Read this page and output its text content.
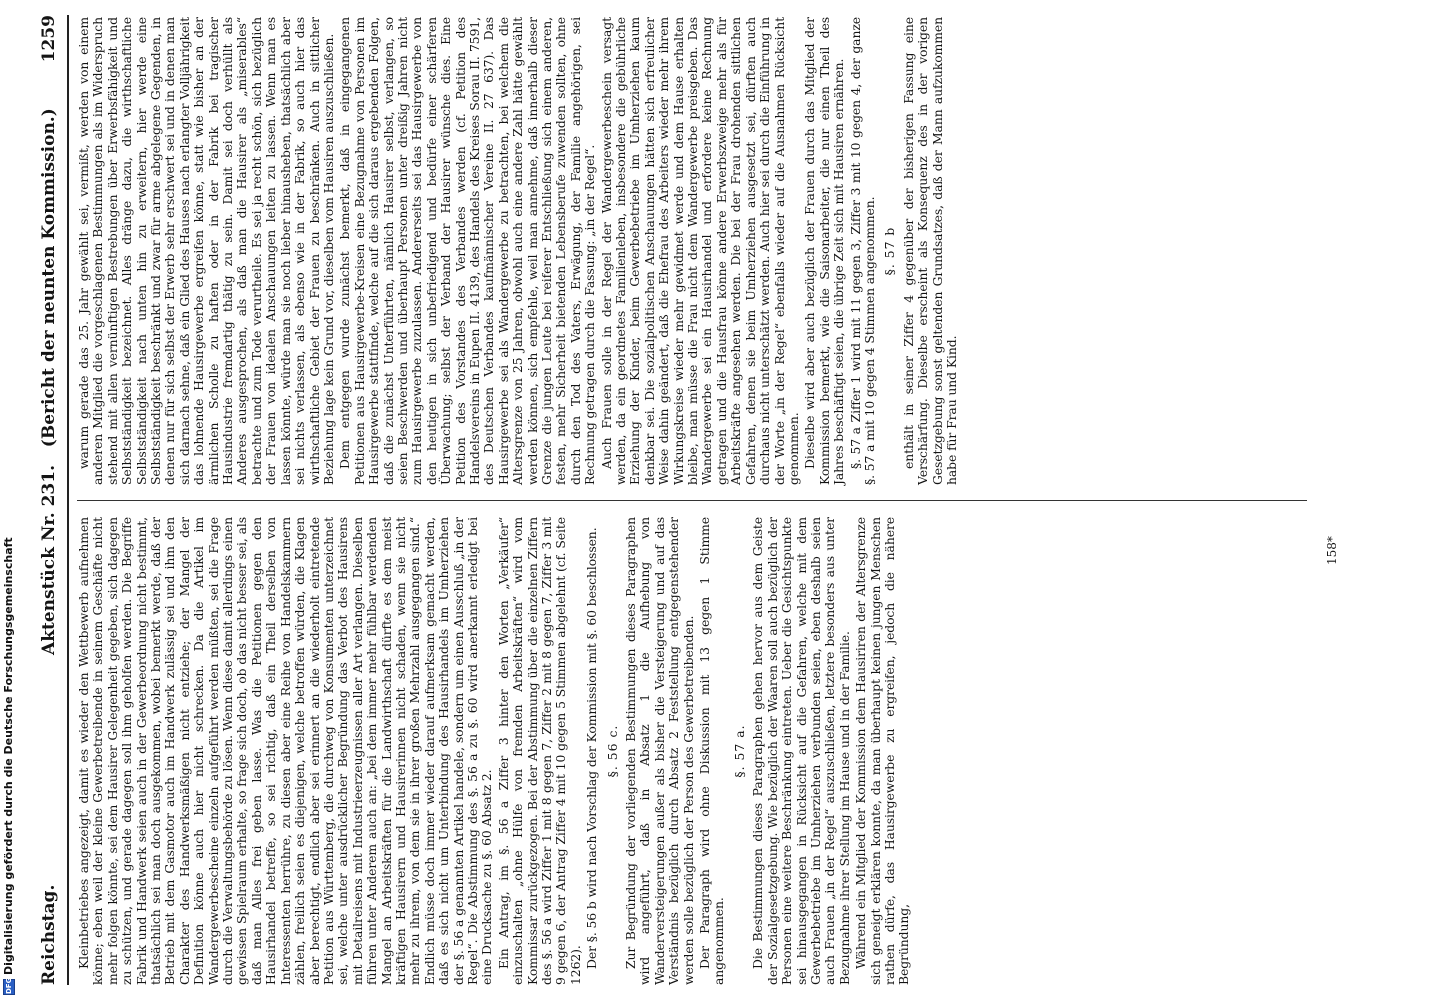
Reichstag.
Aktenstück Nr. 231.   (Bericht der neunten Kommission.)
1259

Kleinbetriebes angezeigt, damit es wieder den Wettbewerb aufnehmen könne; eben weil der kleine Gewerbetreibende in seinem Geschäfte nicht mehr folgen könnte, sei dem Hausirer Gelegenheit gegeben, sich dagegen zu schützen, und gerade dagegen soll ihm geholfen werden. Die Begriffe Fabrik und Handwerk seien auch in der Gewerbeordnung nicht bestimmt, thatsächlich sei man doch ausgekommen, wobei bemerkt werde, daß der Betrieb mit dem Gasmotor auch im Handwerk zulässig sei und ihm den Charakter des Handwerksmäßigen nicht entziehe; der Mangel der Definition könne auch hier nicht schrecken. Da die Artikel im Wandergewerbescheine einzeln aufgeführt werden müßten, sei die Frage durch die Verwaltungsbehörde zu lösen. Wenn diese damit allerdings einen gewissen Spielraum erhalte, so frage sich doch, ob das nicht besser sei, als daß man Alles frei geben lasse. Was die Petitionen gegen den Hausirhandel betreffe, so sei richtig, daß ein Theil derselben von Interessenten herrühre, zu diesen aber eine Reihe von Handelskammern zählen, freilich seien es diejenigen, welche betroffen würden, die Klagen aber berechtigt, endlich aber sei erinnert an die wiederholt eintretende Petition aus Württemberg, die durchweg von Konsumenten unterzeichnet sei, welche unter ausdrücklicher Begründung das Verbot des Hausirens mit Detailreisens mit Industrieerzeugnissen aller Art verlangen. Dieselben führen unter Anderem auch an: „bei dem immer mehr fühlbar werdenden Mangel an Arbeitskräften für die Landwirthschaft dürfte es dem meist kräftigen Hausirern und Hausirerinnen nicht schaden, wenn sie nicht mehr zu ihrem, von dem sie in ihrer großen Mehrzahl ausgegangen sind.“ Endlich müsse doch immer wieder darauf aufmerksam gemacht werden, daß es sich nicht um Unterbindung des Hausirhandels im Umherziehen der §. 56 a genannten Artikel handele, sondern um einen Ausschluß „in der Regel“. Die Abstimmung des §. 56 a zu §. 60 wird anerkannt erledigt bei eine Drucksache zu §. 60 Absatz 2. Ein Antrag, im §. 56 a Ziffer 3 hinter den Worten „Verkäufer“ einzuschalten „ohne Hülfe von fremden Arbeitskräften“ wird vom Kommissar zurückgezogen. Bei der Abstimmung über die einzelnen Ziffern des §. 56 a wird Ziffer 1 mit 8 gegen 7, Ziffer 2 mit 8 gegen 7, Ziffer 3 mit 9 gegen 6, der Antrag Ziffer 4 mit 10 gegen 5 Stimmen abgelehnt (cf. Seite 1262). Der §. 56 b wird nach Vorschlag der Kommission mit §. 60 beschlossen. §. 56 c. Zur Begründung der vorliegenden Bestimmungen dieses Paragraphen wird angeführt, daß in Absatz 1 die Aufhebung von Wanderversteigerungen außer als bisher die Versteigerung und auf das Verständnis bezüglich durch Absatz 2 Feststellung entgegenstehender werden solle bezüglich der Person des Gewerbetreibenden. Der Paragraph wird ohne Diskussion mit 13 gegen 1 Stimme angenommen.

§. 57 a. Die Bestimmungen dieses Paragraphen gehen hervor aus dem Geiste der Sozialgesetzgebung. Wie bezüglich der Waaren soll auch bezüglich der Personen eine weitere Beschränkung eintreten. Ueber die Gesichtspunkte sei hinausgegangen in Rücksicht auf die Gefahren, welche mit dem Gewerbebetriebe im Umherziehen verbunden seien, eben deshalb seien auch Frauen „in der Regel“ auszuschließen, letztere besonders aus unter Bezugnahme ihrer Stellung im Hause und in der Familie. Während ein Mitglied der Kommission dem Hausiriren der Altersgrenze sich geneigt erklären konnte, da man überhaupt keinen jungen Menschen rathen dürfe, das Hausirgewerbe zu ergreifen, jedoch die nähere Begründung,

warum gerade das 25. Jahr gewählt sei, vermißt, werden von einem anderen Mitglied die vorgeschlagenen Bestimmungen als im Widerspruch stehend mit allen vernünftigen Bestrebungen über Erwerbsfähigkeit und Selbstständigkeit bezeichnet. Alles dränge dazu, die wirthschaftliche Selbstständigkeit nach unten hin zu erweitern, hier werde eine Selbstständigkeit beschränkt und zwar für arme abgelegene Gegenden, in denen nur für sich selbst der Erwerb sehr erschwert sei und in denen man sich darnach sehne, daß ein Glied des Hauses nach erlangter Volljährigkeit das lohnende Hausirgewerbe ergreifen könne, statt wie bisher an der ärmlichen Scholle zu haften oder in der Fabrik bei tragischer Hausindustrie fremdartig thätig zu sein. Damit sei doch verhüllt als Anderes ausgesprochen, als daß man die Hausirer als „miserables“ betrachte und zum Tode verurtheile. Es sei ja recht schön, sich bezüglich der Frauen von idealen Anschauungen leiten zu lassen. Wenn man es lassen könnte, würde man sie noch lieber hinausheben, thatsächlich aber sei nichts verlassen, als ebenso wie in der Fabrik, so auch hier das wirthschaftliche Gebiet der Frauen zu beschränken. Auch in sittlicher Beziehung lage kein Grund vor, dieselben vom Hausiren auszuschließen. Dem entgegen wurde zunächst bemerkt, daß in eingegangenen Petitionen aus Hausirgewerbe-Kreisen eine Bezugnahme von Personen im Hausirgewerbe stattfinde, welche auf die sich daraus ergebenden Folgen, daß die zunächst Unterführten, nämlich Hausirer selbst, verlangen, so seien Beschwerden und überhaupt Personen unter dreißig Jahren nicht zum Hausirgewerbe zuzulassen. Andererseits sei das Hausirgewerbe von den heutigen in sich unbefriedigend und bedürfe einer schärferen Überwachung; selbst der Verband der Hausirer wünsche dies. Eine Petition des Vorstandes des Verbandes werden (cf. Petition des Handelsvereins in Eupen II. 4139, des Handels des Kreises Sorau II. 7591, des Deutschen Verbandes kaufmännischer Vereine II. 27 637). Das Hausirgewerbe sei als Wandergewerbe zu betrachten, bei welchem die Altersgrenze von 25 Jahren, obwohl auch eine andere Zahl hätte gewählt werden können, sich empfehle, weil man annehme, daß innerhalb dieser Grenze die jungen Leute bei reiferer Entschließung sich einem anderen, festen, mehr Sicherheit bietenden Lebensberufe zuwenden sollten, ohne durch den Tod des Vaters, Erwägung, der Familie angehörigen, sei Rechnung getragen durch die Fassung: „in der Regel“. Auch Frauen solle in der Regel der Wandergewerbeschein versagt werden, da ein geordnetes Familienleben, insbesondere die gebührliche Erziehung der Kinder, beim Gewerbebetriebe im Umherziehen kaum denkbar sei. Die sozialpolitischen Anschauungen hätten sich erfreulicher Weise dahin geändert, daß die Ehefrau des Arbeiters wieder mehr ihrem Wirkungskreise wieder mehr gewidmet werde und dem Hause erhalten bleibe, man müsse die Frau nicht dem Wandergewerbe preisgeben. Das Wandergewerbe sei ein Hausirhandel und erfordere keine Rechnung getragen und die Hausfrau könne andere Erwerbszweige mehr als für Arbeitskräfte angesehen werden. Die bei der Frau drohenden sittlichen Gefahren, denen sie beim Umherziehen ausgesetzt sei, dürften auch durchaus nicht unterschätzt werden. Auch hier sei durch die Einführung in der Worte „in der Regel“ ebenfalls wieder auf die Ausnahmen Rücksicht genommen. Dieselbe wird aber auch bezüglich der Frauen durch das Mitglied der Kommission bemerkt, wie die Saisonarbeiter, die nur einen Theil des Jahres beschäftigt seien, die übrige Zeit sich mit Hausiren ernähren. §. 57 a Ziffer 1 wird mit 11 gegen 3, Ziffer 3 mit 10 gegen 4, der ganze §. 57 a mit 10 gegen 4 Stimmen angenommen. §. 57 b enthält in seiner Ziffer 4 gegenüber der bisherigen Fassung eine Verschärfung. Dieselbe erscheint als Konsequenz des in der vorigen Gesetzgebung sonst geltenden Grundsatzes, daß der Mann aufzukommen habe für Frau und Kind.

158*
DFGDigitalisierung gefördert durch die Deutsche Forschungsgemeinschaft
